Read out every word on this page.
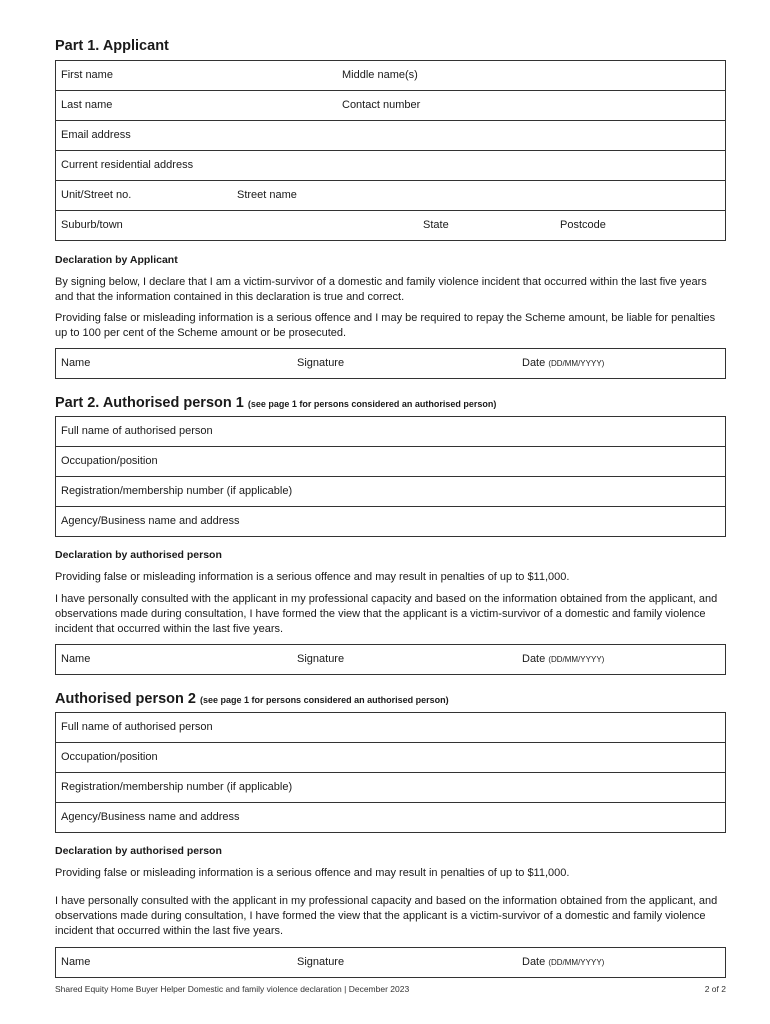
Part 1. Applicant
First name	Middle name(s)
Last name	Contact number
Email address
Current residential address
Unit/Street no.	Street name
Suburb/town	State	Postcode
Declaration by Applicant
By signing below, I declare that I am a victim-survivor of a domestic and family violence incident that occurred within the last five years and that the information contained in this declaration is true and correct.
Providing false or misleading information is a serious offence and I may be required to repay the Scheme amount, be liable for penalties up to 100 per cent of the Scheme amount or be prosecuted.
Name	Signature	Date (DD/MM/YYYY)
Part 2. Authorised person 1 (see page 1 for persons considered an authorised person)
Full name of authorised person
Occupation/position
Registration/membership number (if applicable)
Agency/Business name and address
Declaration by authorised person
Providing false or misleading information is a serious offence and may result in penalties of up to $11,000.
I have personally consulted with the applicant in my professional capacity and based on the information obtained from the applicant, and observations made during consultation, I have formed the view that the applicant is a victim-survivor of a domestic and family violence incident that occurred within the last five years.
Name	Signature	Date (DD/MM/YYYY)
Authorised person 2 (see page 1 for persons considered an authorised person)
Full name of authorised person
Occupation/position
Registration/membership number (if applicable)
Agency/Business name and address
Declaration by authorised person
Providing false or misleading information is a serious offence and may result in penalties of up to $11,000.
I have personally consulted with the applicant in my professional capacity and based on the information obtained from the applicant, and observations made during consultation, I have formed the view that the applicant is a victim-survivor of a domestic and family violence incident that occurred within the last five years.
Name	Signature	Date (DD/MM/YYYY)
Shared Equity Home Buyer Helper Domestic and family violence declaration | December 2023	2 of 2
